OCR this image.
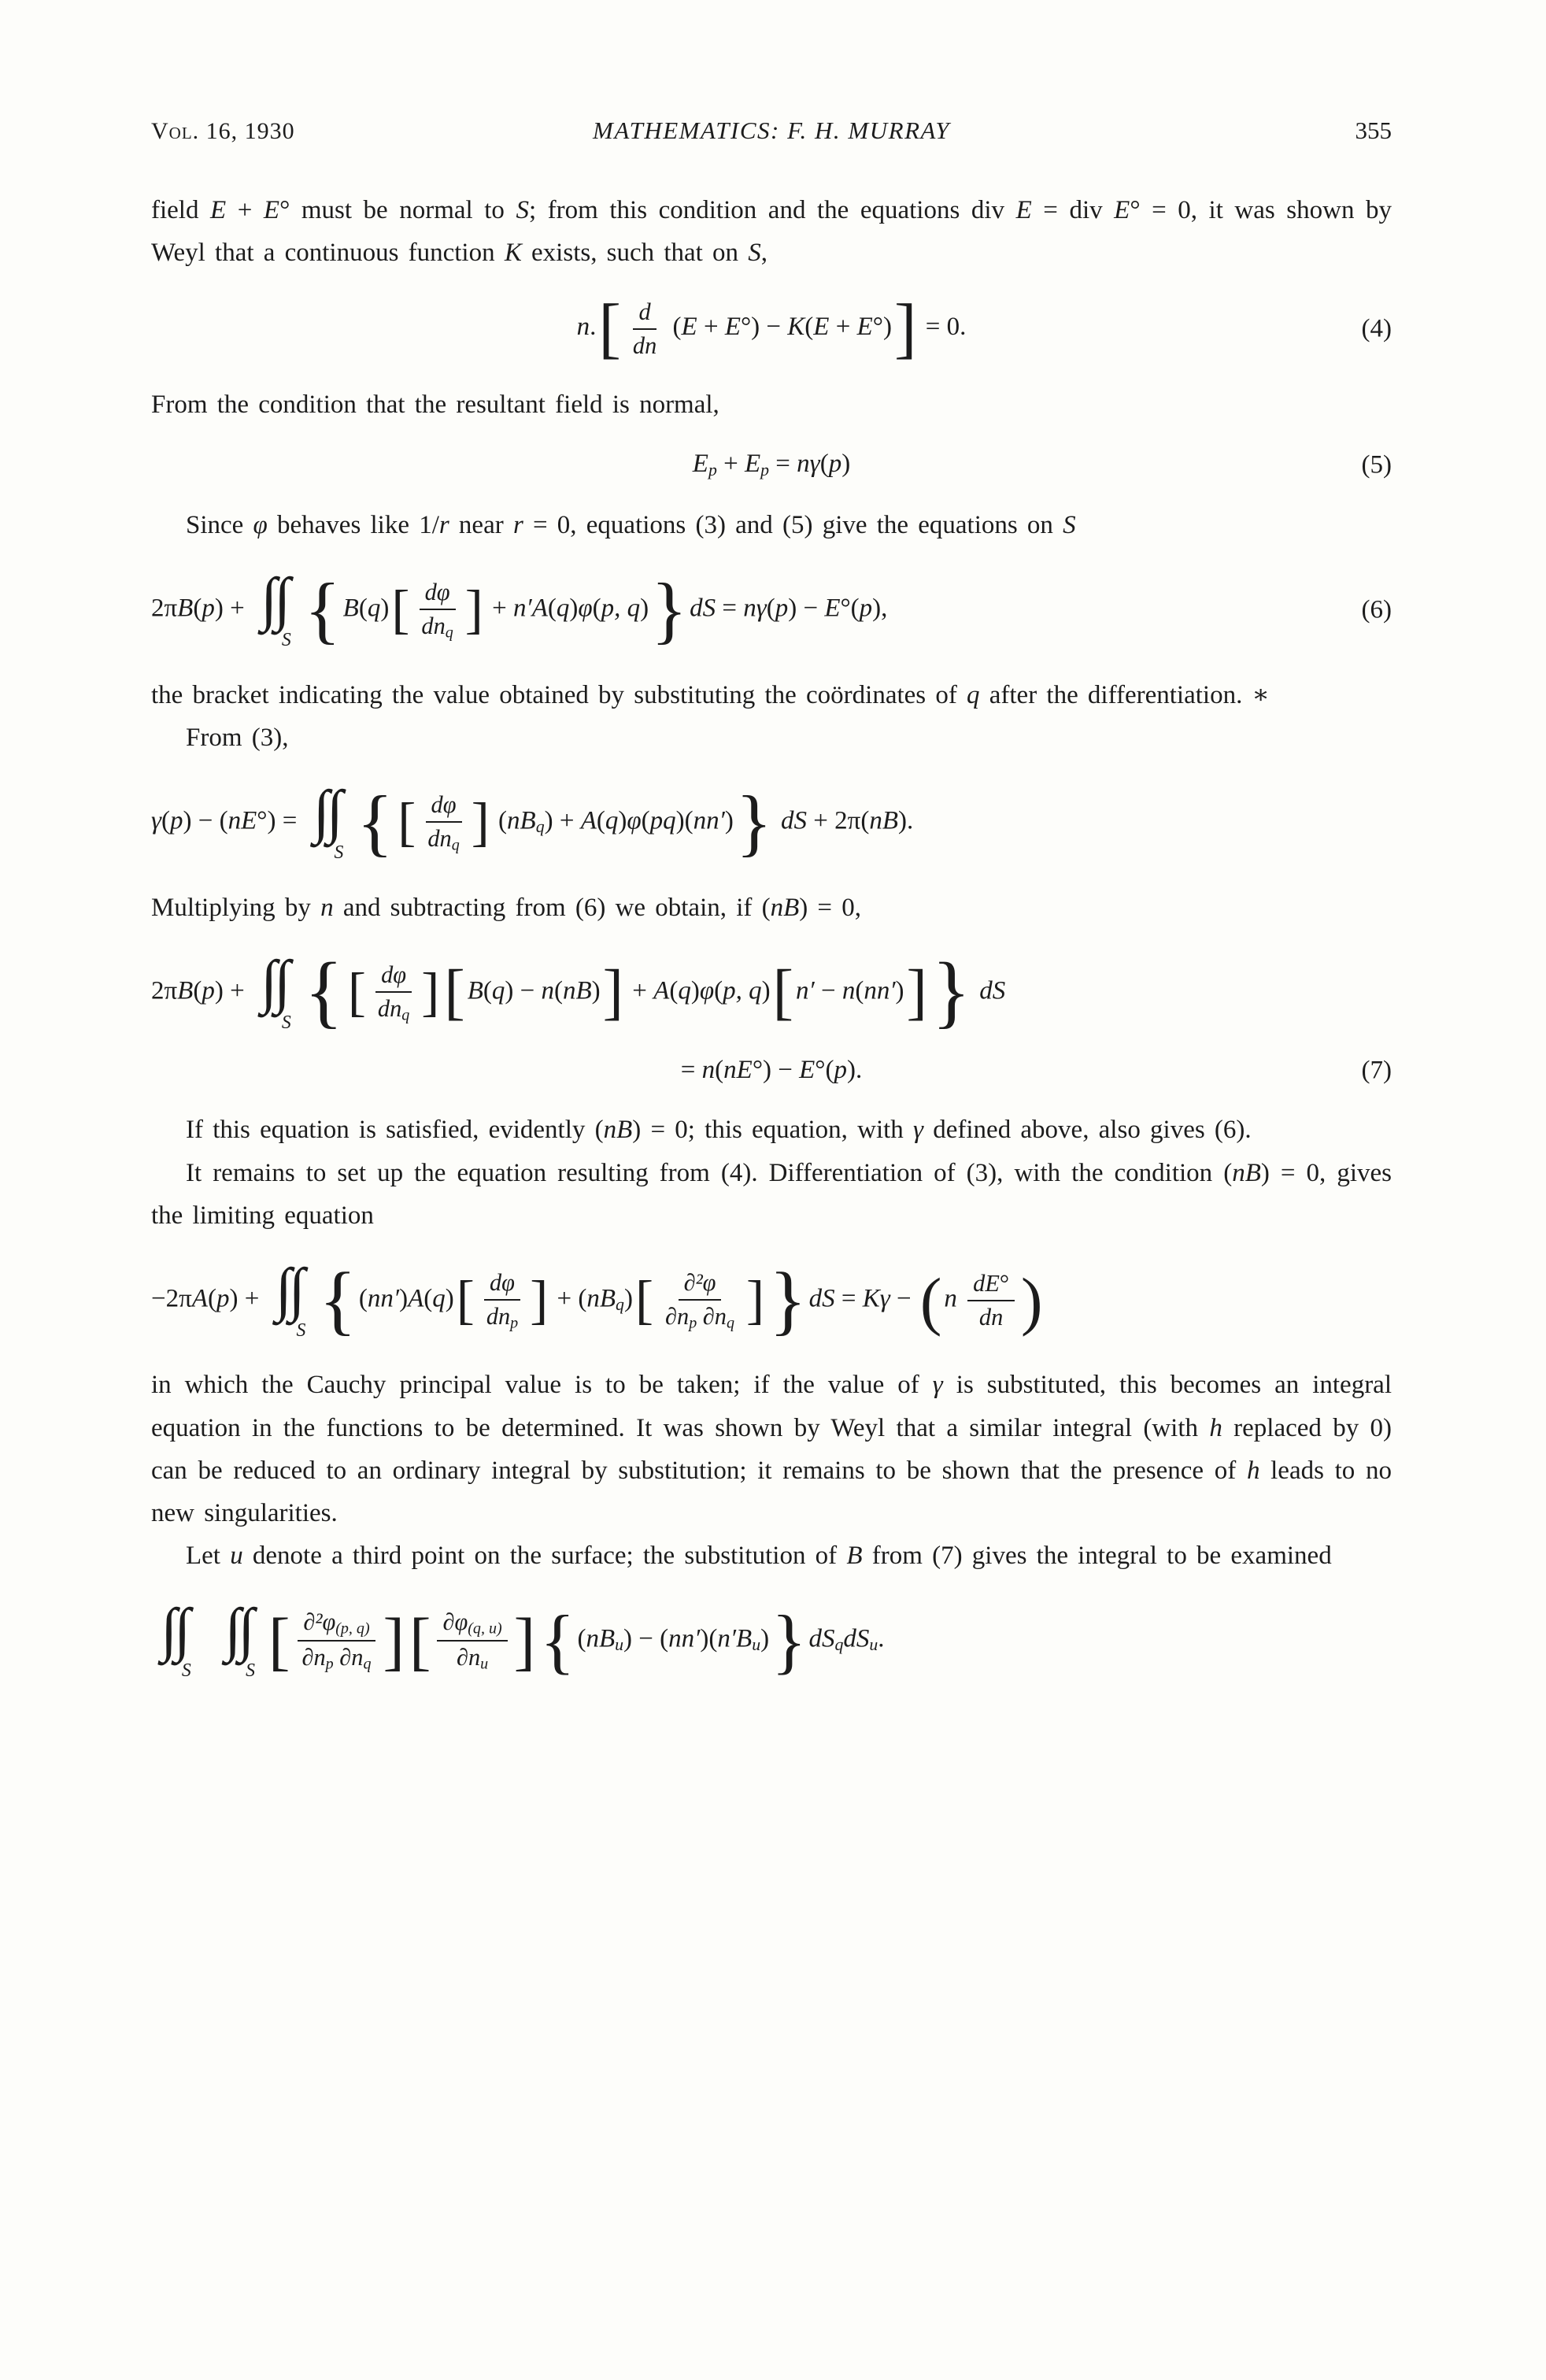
Vol. 16, 1930	MATHEMATICS: F. H. MURRAY	355

field E + E° must be normal to S; from this condition and the equations div E = div E° = 0, it was shown by Weyl that a continuous function K exists, such that on S,

$n.[ \frac{d}{dn} (E + E^\circ) - K(E + E^\circ)] = 0$.	(4)

From the condition that the resultant field is normal,

$E_p + E_p = n\gamma(p)$	(5)

Since φ behaves like 1/r near r = 0, equations (3) and (5) give the equations on S

2πB(p) + ∫∫
S {$B(q)[ \frac{d\varphi}{dn_q}$ ] + n′A(q)φ(p, q)}dS = nγ(p) − E°(p),	(6)

the bracket indicating the value obtained by substituting the coördinates of q after the differentiation. ∗

From (3),

γ(p) − (nE°) = ∫∫
S {[ $\frac{d\varphi}{dn_q}$ ] $(nB_q) + A(q)\varphi(pq)(nn')$} dS + 2π(nB).

Multiplying by n and subtracting from (6) we obtain, if (nB) = 0,

2πB(p) + ∫∫
S {[ $\frac{d\varphi}{dn_q} ][B(q) - n(nB)] + A(q)\varphi(p$, q)[n′ − n(nn′)]} dS
= n(nE°) − E°(p).	(7)

If this equation is satisfied, evidently (nB) = 0; this equation, with γ defined above, also gives (6).

It remains to set up the equation resulting from (4). Differentiation of (3), with the condition (nB) = 0, gives the limiting equation

−2πA(p) + ∫∫
S {$(nn')A(q)[ \frac{d\varphi}{dn_p}$ ] + $(nB_q)[ \frac{\text{∂²φ}}{\partial n_p \partial n_q} ]\}dS = K\gamma - (n \frac{dE^\circ}{dn}$ )

in which the Cauchy principal value is to be taken; if the value of γ is substituted, this becomes an integral equation in the functions to be determined. It was shown by Weyl that a similar integral (with h replaced by 0) can be reduced to an ordinary integral by substitution; it remains to be shown that the presence of h leads to no new singularities.

Let u denote a third point on the surface; the substitution of B from (7) gives the integral to be examined

∫∫
S

∫∫
S [ $\frac{\partial^2\varphi_{(p, q)}}{\partial n_p \partial n_q}$ ][ $\frac{\partial\varphi_{(q, u)}}{\partial n_u} ]\{(nB_u) - (nn')(n'B_u)\}dS_qdS_u$.
